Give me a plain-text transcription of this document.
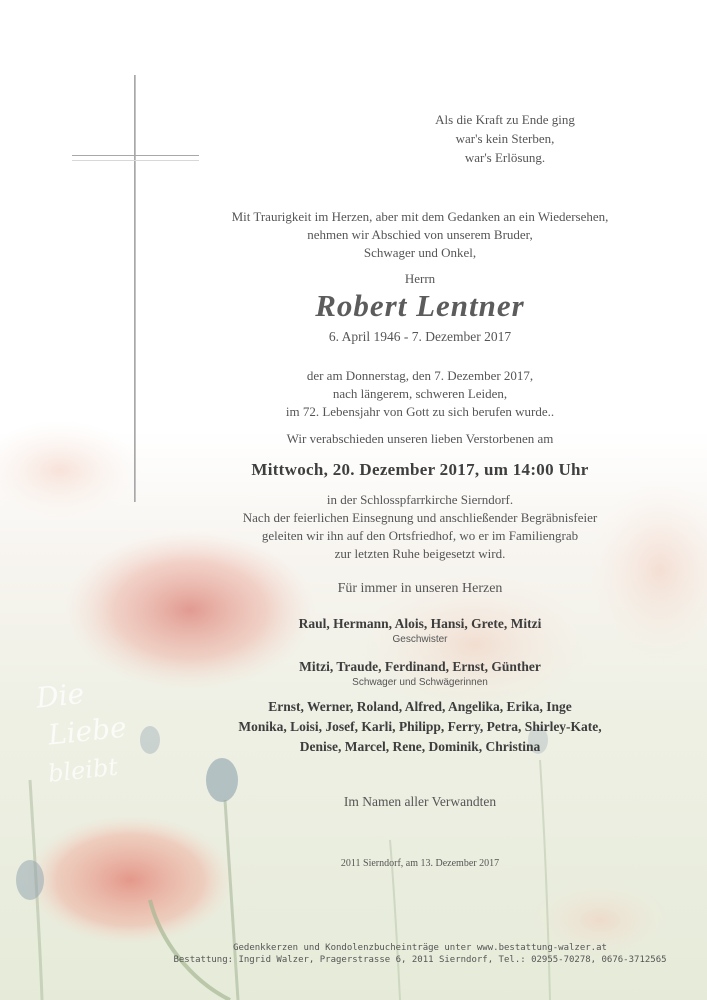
Die
Liebe
bleibt
Als die Kraft zu Ende ging
war's kein Sterben,
war's Erlösung.
Mit Traurigkeit im Herzen, aber mit dem Gedanken an ein Wiedersehen,
nehmen wir Abschied von unserem Bruder,
Schwager und Onkel,
Herrn
Robert Lentner
6. April 1946 - 7. Dezember 2017
der am Donnerstag, den 7. Dezember 2017,
nach längerem, schweren Leiden,
im 72. Lebensjahr von Gott zu sich berufen wurde..
Wir verabschieden unseren lieben Verstorbenen am
Mittwoch, 20. Dezember 2017, um 14:00 Uhr
in der Schlosspfarrkirche Sierndorf.
Nach der feierlichen Einsegnung und anschließender Begräbnisfeier
geleiten wir ihn auf den Ortsfriedhof, wo er im Familiengrab
zur letzten Ruhe beigesetzt wird.
Für immer in unseren Herzen
Raul, Hermann, Alois, Hansi, Grete, Mitzi
Geschwister
Mitzi, Traude, Ferdinand, Ernst, Günther
Schwager und Schwägerinnen
Ernst, Werner, Roland, Alfred, Angelika, Erika, Inge
Monika, Loisi, Josef, Karli, Philipp, Ferry, Petra, Shirley-Kate,
Denise, Marcel, Rene, Dominik, Christina
Im Namen aller Verwandten
2011 Sierndorf, am 13. Dezember 2017
Gedenkkerzen und Kondolenzbucheinträge unter www.bestattung-walzer.at
Bestattung: Ingrid Walzer, Pragerstrasse 6, 2011 Sierndorf, Tel.: 02955-70278, 0676-3712565
